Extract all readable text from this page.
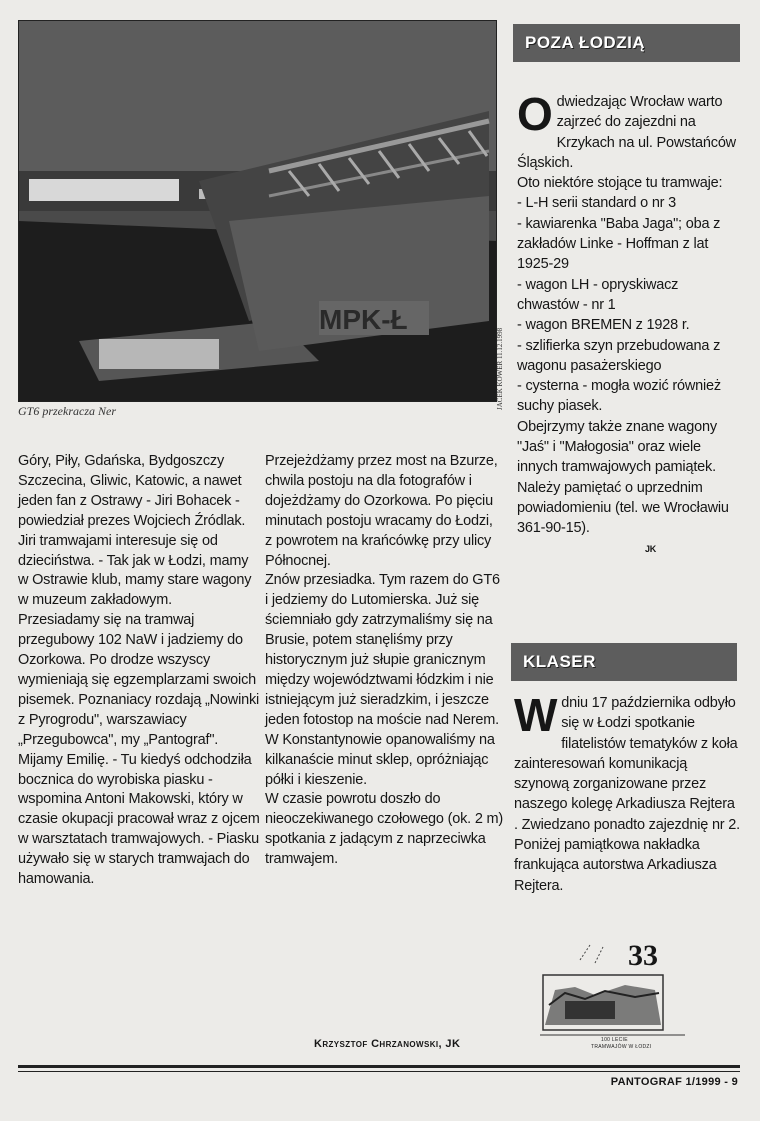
MPK-Ł
JACEK KOWER 11.12.1998
GT6 przekracza Ner

Góry, Piły, Gdańska, Bydgoszczy Szczecina, Gliwic, Katowic, a nawet jeden fan z Ostrawy - Jiri Bohacek - powiedział prezes Wojciech Źródlak. Jiri tramwajami interesuje się od dzieciństwa. - Tak jak w Łodzi, mamy w Ostrawie klub, mamy stare wagony w muzeum zakładowym.
Przesiadamy się na tramwaj przegubowy 102 NaW i jadziemy do Ozorkowa. Po drodze wszyscy wymieniają się egzemplarzami swoich pisemek. Poznaniacy rozdają „Nowinki z Pyrogrodu", warszawiacy „Przegubowca", my „Pantograf".
Mijamy Emilię. - Tu kiedyś odchodziła bocznica do wyrobiska piasku - wspomina Antoni Makowski, który w czasie okupacji pracował wraz z ojcem w warsztatach tramwajowych. - Piasku używało się w starych tramwajach do hamowania.

Przejeżdżamy przez most na Bzurze, chwila postoju na dla fotografów i dojeżdżamy do Ozorkowa. Po pięciu minutach postoju wracamy do Łodzi, z powrotem na krańcówkę przy ulicy Północnej.
Znów przesiadka. Tym razem do GT6 i jedziemy do Lutomierska. Już się ściemniało gdy zatrzymaliśmy się na Brusie, potem stanęliśmy przy historycznym już słupie granicznym między województwami łódzkim i nie istniejącym już sieradzkim, i jeszcze jeden fotostop na moście nad Nerem. W Konstantynowie opanowaliśmy na kilkanaście minut sklep, opróżniając półki i kieszenie.
W czasie powrotu doszło do nieoczekiwanego czołowego (ok. 2 m) spotkania z jadącym z naprzeciwka tramwajem.

Krzysztof Chrzanowski, JK
POZA ŁODZIĄ
O dwiedzając Wrocław warto zajrzeć do zajezdni na Krzykach na ul. Powstańców Śląskich.
Oto niektóre stojące tu tramwaje:
- L-H serii standard o nr 3
- kawiarenka "Baba Jaga"; oba z zakładów Linke - Hoffman z lat 1925-29
- wagon LH - opryskiwacz chwastów - nr 1
- wagon BREMEN z 1928 r.
- szlifierka szyn przebudowana z wagonu pasażerskiego
- cysterna - mogła wozić również suchy piasek.
Obejrzymy także znane wagony "Jaś" i "Małogosia" oraz wiele innych tramwajowych pamiątek. Należy pamiętać o uprzednim powiadomieniu (tel. we Wrocławiu 361-90-15).

JK
KLASER
W dniu 17 października odbyło się w Łodzi spotkanie filatelistów tematyków z koła zainteresowań komunikacją szynową zorganizowane przez naszego kolegę Arkadiusza Rejtera . Zwiedzano ponadto zajezdnię nr 2. Poniżej pamiątkowa nakładka frankująca autorstwa Arkadiusza Rejtera.

33
100 LECIE
TRAMWAJÓW W ŁODZI
PANTOGRAF 1/1999 - 9
